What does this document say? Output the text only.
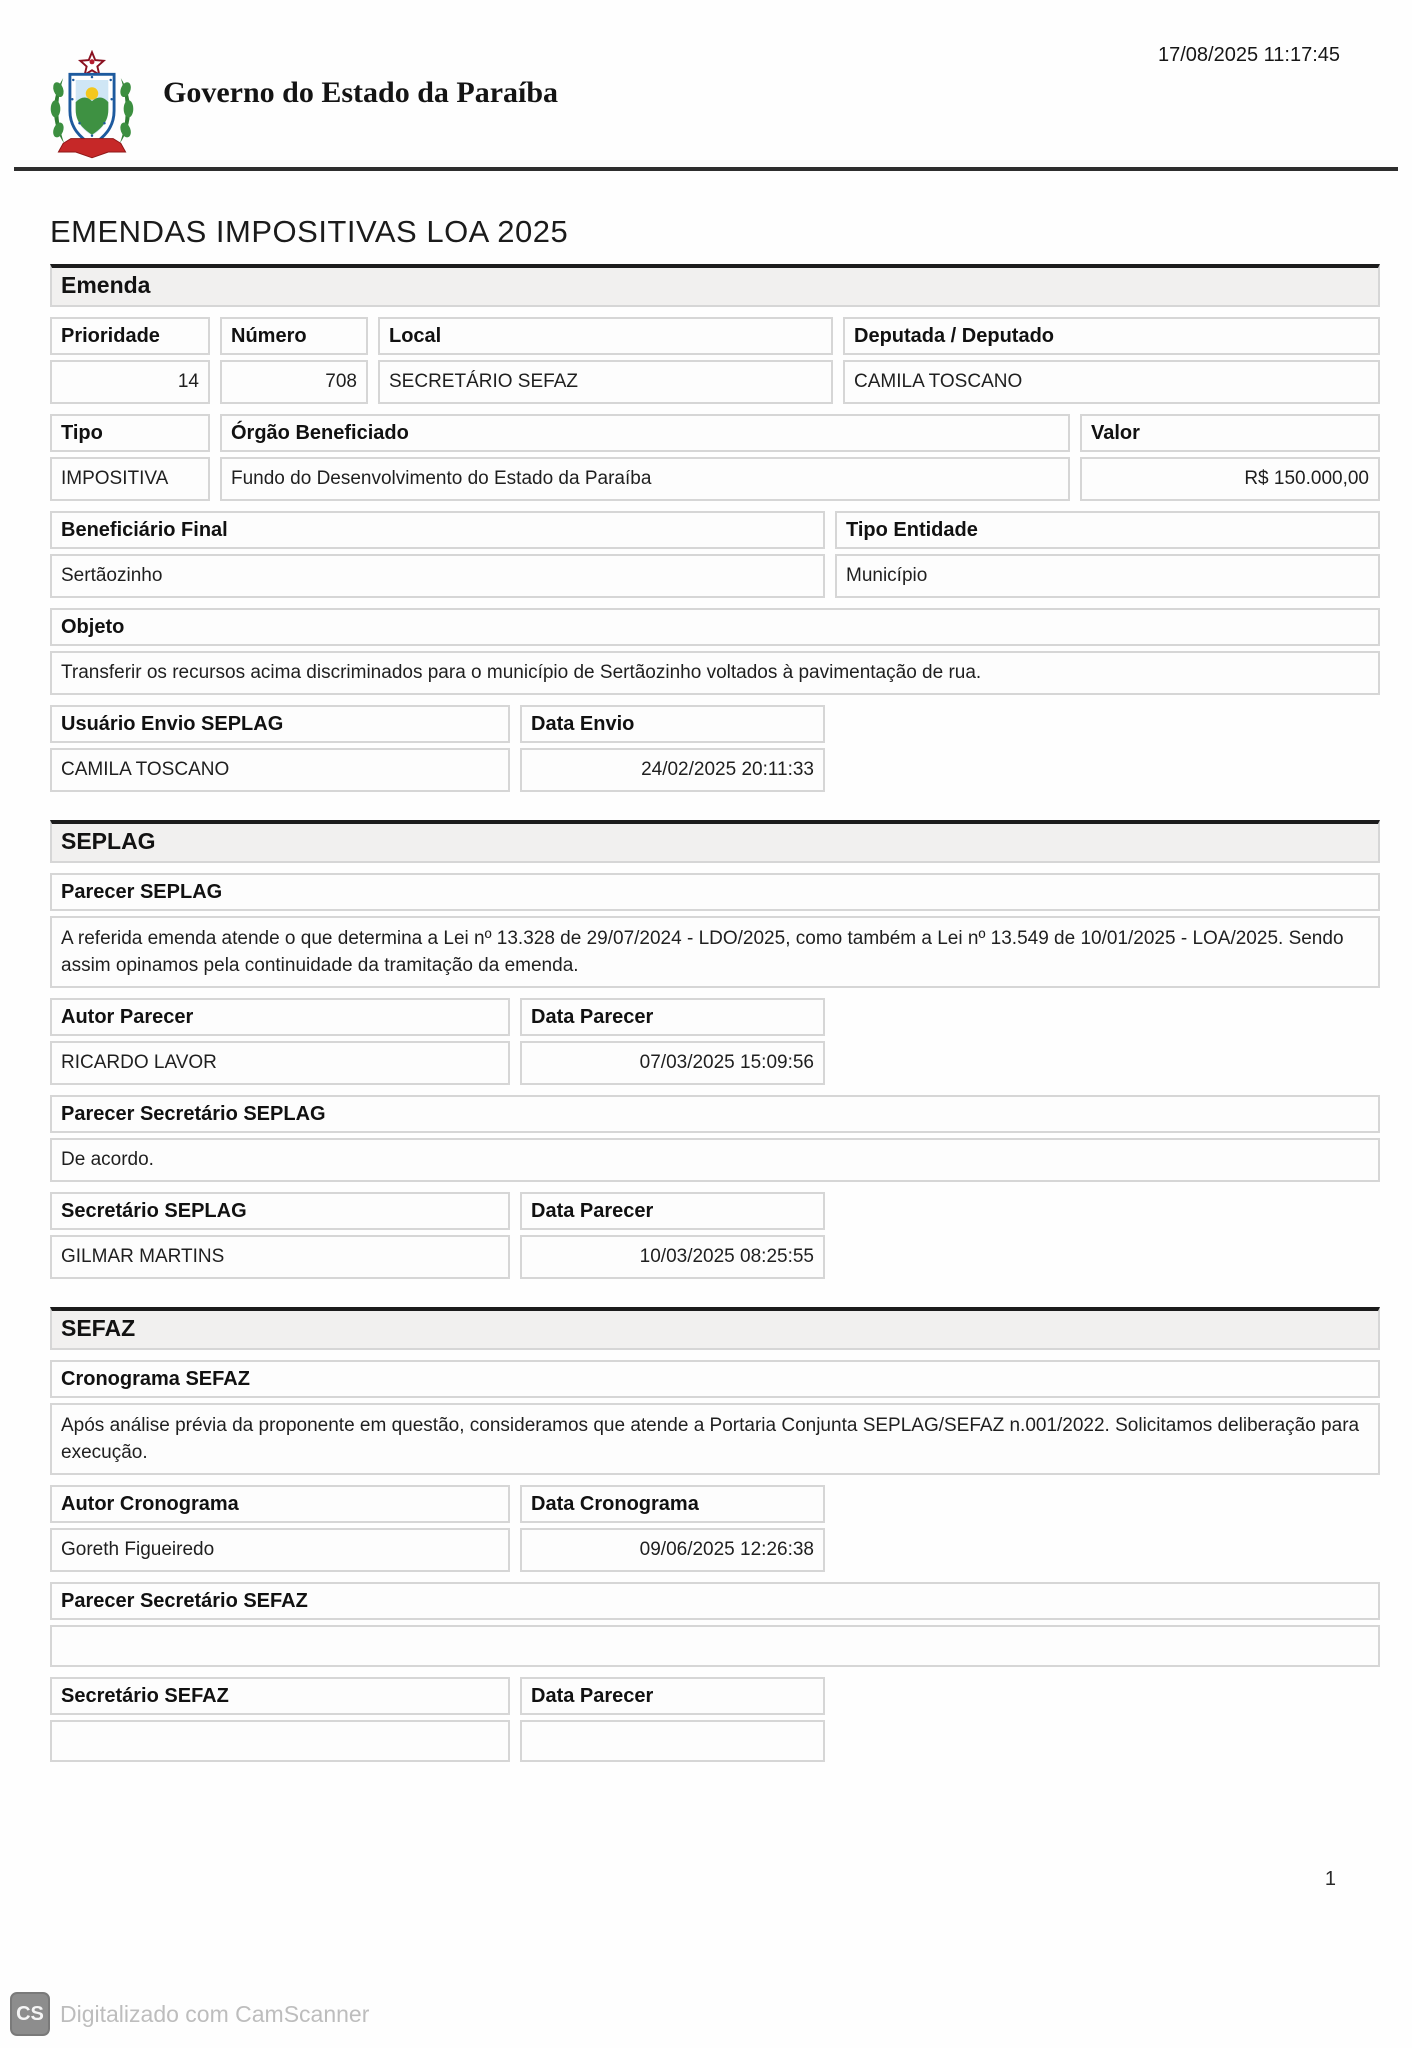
17/08/2025 11:17:45
Governo do Estado da Paraíba
EMENDAS IMPOSITIVAS LOA 2025
Emenda
Prioridade
14
Número
708
Local
SECRETÁRIO SEFAZ
Deputada / Deputado
CAMILA TOSCANO
Tipo
IMPOSITIVA
Órgão Beneficiado
Fundo do Desenvolvimento do Estado da Paraíba
Valor
R$ 150.000,00
Beneficiário Final
Sertãozinho
Tipo Entidade
Município
Objeto
Transferir os recursos acima discriminados para o município de Sertãozinho voltados à pavimentação de rua.
Usuário Envio SEPLAG
CAMILA TOSCANO
Data Envio
24/02/2025 20:11:33
SEPLAG
Parecer SEPLAG
A referida emenda atende o que determina a Lei nº 13.328 de 29/07/2024 - LDO/2025, como também a Lei nº 13.549 de 10/01/2025 - LOA/2025. Sendo assim opinamos pela continuidade da tramitação da emenda.
Autor Parecer
RICARDO LAVOR
Data Parecer
07/03/2025 15:09:56
Parecer Secretário SEPLAG
De acordo.
Secretário SEPLAG
GILMAR MARTINS
Data Parecer
10/03/2025 08:25:55
SEFAZ
Cronograma SEFAZ
Após análise prévia da proponente em questão, consideramos que atende a Portaria Conjunta SEPLAG/SEFAZ n.001/2022. Solicitamos deliberação para execução.
Autor Cronograma
Goreth Figueiredo
Data Cronograma
09/06/2025 12:26:38
Parecer Secretário SEFAZ
Secretário SEFAZ	Data Parecer
1
CS Digitalizado com CamScanner
